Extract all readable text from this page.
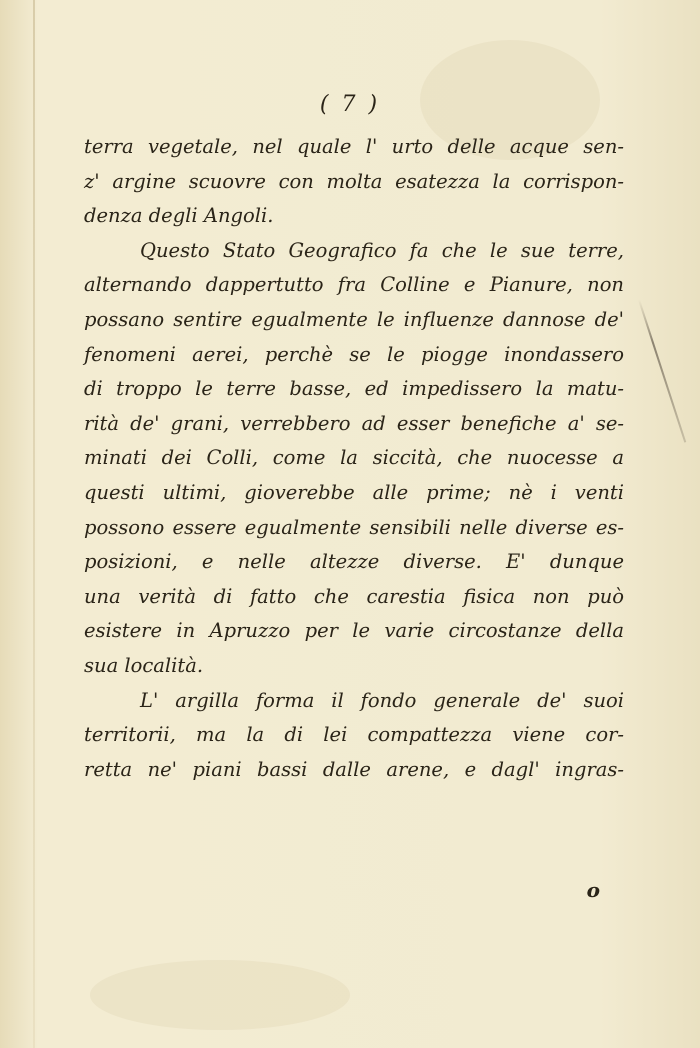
( 7 )
terra vegetale, nel quale l' urto delle acque sen-
z' argine scuovre con molta esatezza la corrispon-
denza degli Angoli.
Questo Stato Geografico fa che le sue terre,
alternando dappertutto fra Colline e Pianure, non
possano sentire egualmente le influenze dannose de'
fenomeni aerei, perchè se le piogge inondassero
di troppo le terre basse, ed impedissero la matu-
rità de' grani, verrebbero ad esser benefiche a' se-
minati dei Colli, come la siccità, che nuocesse a
questi ultimi, gioverebbe alle prime; nè i venti
possono essere egualmente sensibili nelle diverse es-
posizioni, e nelle altezze diverse. E' dunque
una verità di fatto che carestia fisica non può
esistere in Apruzzo per le varie circostanze della
sua località.
L' argilla forma il fondo generale de' suoi
territorii, ma la di lei compattezza viene cor-
retta ne' piani bassi dalle arene, e dagl' ingras-
o
